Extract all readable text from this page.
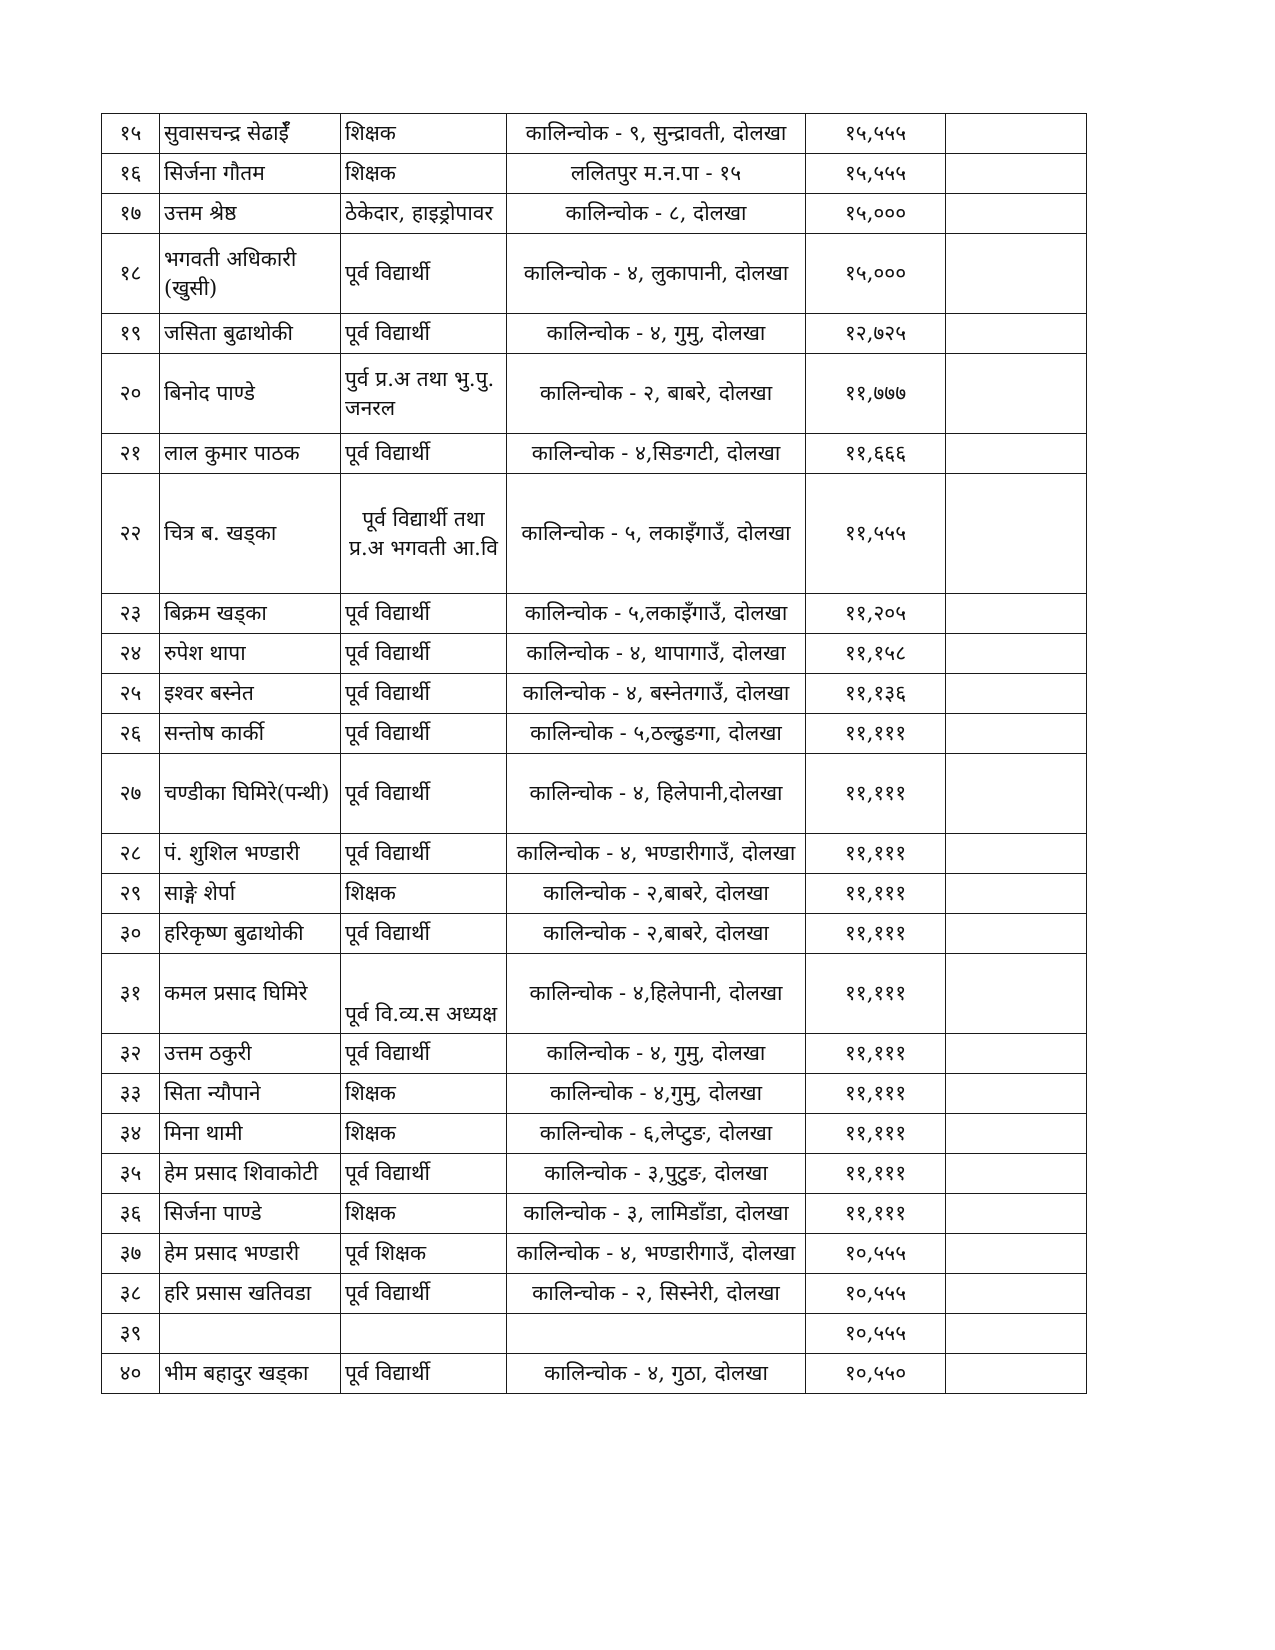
१५	सुवासचन्द्र सेढाईँ	शिक्षक	कालिन्चोक - ९, सुन्द्रावती, दोलखा	१५,५५५	
१६	सिर्जना गौतम	शिक्षक	ललितपुर म.न.पा - १५	१५,५५५	
१७	उत्तम श्रेष्ठ	ठेकेदार, हाइड्रोपावर	कालिन्चोक - ८, दोलखा	१५,०००	
१८	भगवती अधिकारी (खुसी)	पूर्व विद्यार्थी	कालिन्चोक - ४, लुकापानी, दोलखा	१५,०००	
१९	जसिता बुढाथोकी	पूर्व विद्यार्थी	कालिन्चोक - ४, गुमु, दोलखा	१२,७२५	
२०	बिनोद पाण्डे	पुर्व प्र.अ तथा भु.पु. जनरल	कालिन्चोक - २, बाबरे, दोलखा	११,७७७	
२१	लाल कुमार पाठक	पूर्व विद्यार्थी	कालिन्चोक - ४,सिङगटी, दोलखा	११,६६६	
२२	चित्र ब. खड्का	पूर्व विद्यार्थी तथा प्र.अ भगवती आ.वि	कालिन्चोक - ५, लकाइँगाउँ, दोलखा	११,५५५	
२३	बिक्रम खड्का	पूर्व विद्यार्थी	कालिन्चोक - ५,लकाइँगाउँ, दोलखा	११,२०५	
२४	रुपेश थापा	पूर्व विद्यार्थी	कालिन्चोक - ४, थापागाउँ, दोलखा	११,१५८	
२५	इश्वर बस्नेत	पूर्व विद्यार्थी	कालिन्चोक - ४, बस्नेतगाउँ, दोलखा	११,१३६	
२६	सन्तोष कार्की	पूर्व विद्यार्थी	कालिन्चोक - ५,ठल्ढुङगा, दोलखा	११,१११	
२७	चण्डीका घिमिरे(पन्थी)	पूर्व विद्यार्थी	कालिन्चोक - ४, हिलेपानी,दोलखा	११,१११	
२८	पं. शुशिल भण्डारी	पूर्व विद्यार्थी	कालिन्चोक - ४, भण्डारीगाउँ, दोलखा	११,१११	
२९	साङ्गे शेर्पा	शिक्षक	कालिन्चोक - २,बाबरे, दोलखा	११,१११	
३०	हरिकृष्ण बुढाथोकी	पूर्व विद्यार्थी	कालिन्चोक - २,बाबरे, दोलखा	११,१११	
३१	कमल प्रसाद घिमिरे	पूर्व वि.व्य.स अध्यक्ष	कालिन्चोक - ४,हिलेपानी, दोलखा	११,१११	
३२	उत्तम ठकुरी	पूर्व विद्यार्थी	कालिन्चोक - ४, गुमु, दोलखा	११,१११	
३३	सिता न्यौपाने	शिक्षक	कालिन्चोक - ४,गुमु, दोलखा	११,१११	
३४	मिना थामी	शिक्षक	कालिन्चोक - ६,लेप्टुङ, दोलखा	११,१११	
३५	हेम प्रसाद शिवाकोटी	पूर्व विद्यार्थी	कालिन्चोक - ३,पुटुङ, दोलखा	११,१११	
३६	सिर्जना पाण्डे	शिक्षक	कालिन्चोक - ३, लामिडाँडा, दोलखा	११,१११	
३७	हेम प्रसाद भण्डारी	पूर्व शिक्षक	कालिन्चोक - ४, भण्डारीगाउँ, दोलखा	१०,५५५	
३८	हरि प्रसास खतिवडा	पूर्व विद्यार्थी	कालिन्चोक - २, सिस्नेरी, दोलखा	१०,५५५	
३९				१०,५५५	
४०	भीम बहादुर खड्का	पूर्व विद्यार्थी	कालिन्चोक - ४, गुठा, दोलखा	१०,५५०	
